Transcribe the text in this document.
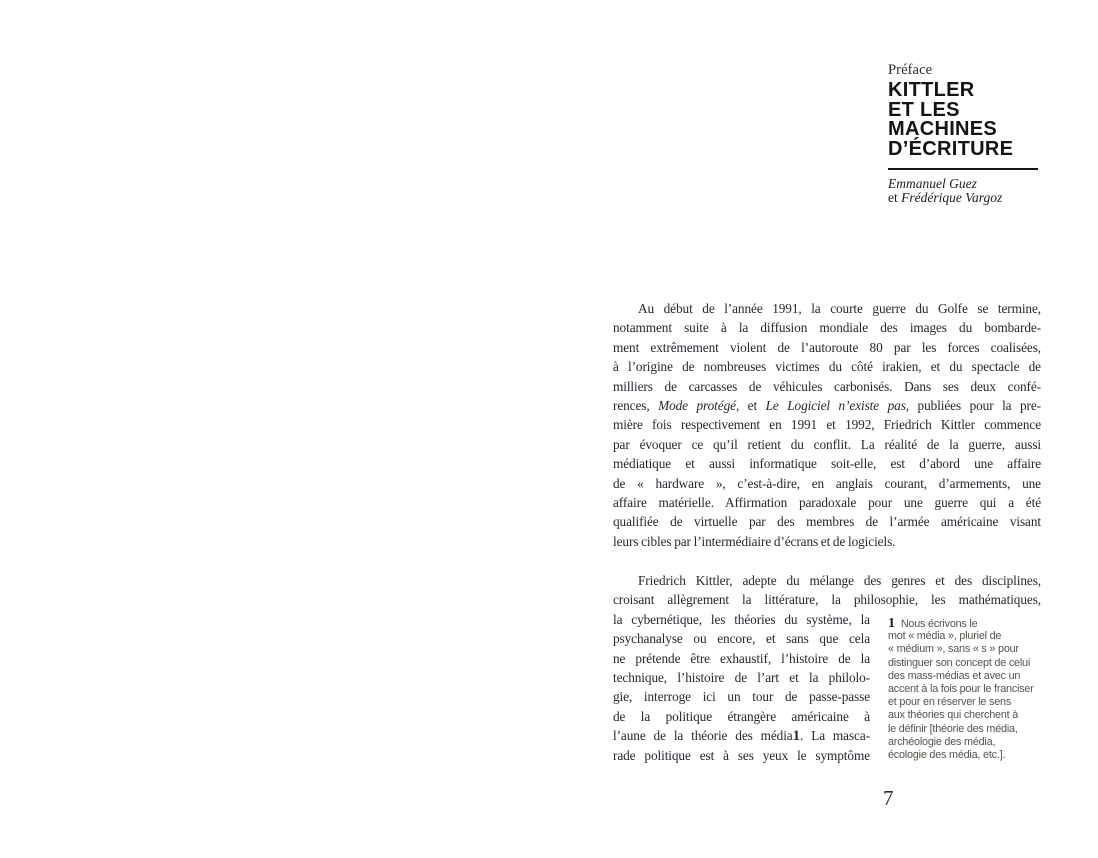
Préface
KITTLER
ET LES
MACHINES
D’ÉCRITURE
Emmanuel Guez
et Frédérique Vargoz
Au début de l’année 1991, la courte guerre du Golfe se termine,
notamment suite à la diffusion mondiale des images du bombarde-
ment extrêmement violent de l’autoroute 80 par les forces coalisées,
à l’origine de nombreuses victimes du côté irakien, et du spectacle de
milliers de carcasses de véhicules carbonisés. Dans ses deux confé-
rences, Mode protégé, et Le Logiciel n’existe pas, publiées pour la pre-
mière fois respectivement en 1991 et 1992, Friedrich Kittler commence
par évoquer ce qu’il retient du conflit. La réalité de la guerre, aussi
médiatique et aussi informatique soit-elle, est d’abord une affaire
de « hardware », c’est-à-dire, en anglais courant, d’armements, une
affaire matérielle. Affirmation paradoxale pour une guerre qui a été
qualifiée de virtuelle par des membres de l’armée américaine visant
leurs cibles par l’intermédiaire d’écrans et de logiciels.
1 Nous écrivons le
mot « média », pluriel de
« médium », sans « s » pour
distinguer son concept de celui
des mass-médias et avec un
accent à la fois pour le franciser
et pour en réserver le sens
aux théories qui cherchent à
le définir [théorie des média,
archéologie des média,
écologie des média, etc.].
Friedrich Kittler, adepte du mélange des genres et des disciplines,
croisant allègrement la littérature, la philosophie, les mathématiques,
la cybernétique, les théories du système, la
psychanalyse ou encore, et sans que cela
ne prétende être exhaustif, l’histoire de la
technique, l’histoire de l’art et la philolo-
gie, interroge ici un tour de passe-passe
de la politique étrangère américaine à
l’aune de la théorie des média1. La masca-
rade politique est à ses yeux le symptôme
7
